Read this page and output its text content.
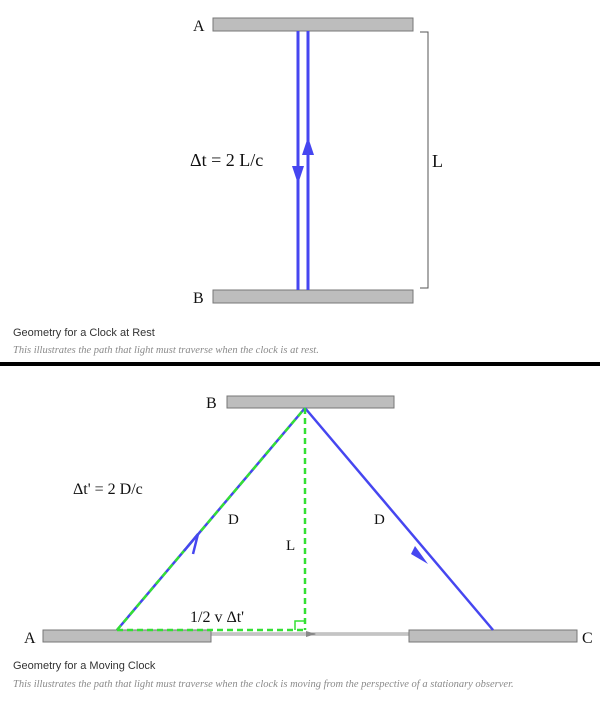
A
B
Δt = 2 L/c	L
Geometry for a Clock at Rest
This illustrates the path that light must traverse when the clock is at rest.
B
A	C
Δt' = 2 D/c
D	D
L
1/2 v Δt'
Geometry for a Moving Clock
This illustrates the path that light must traverse when the clock is moving from the perspective of a stationary observer.
